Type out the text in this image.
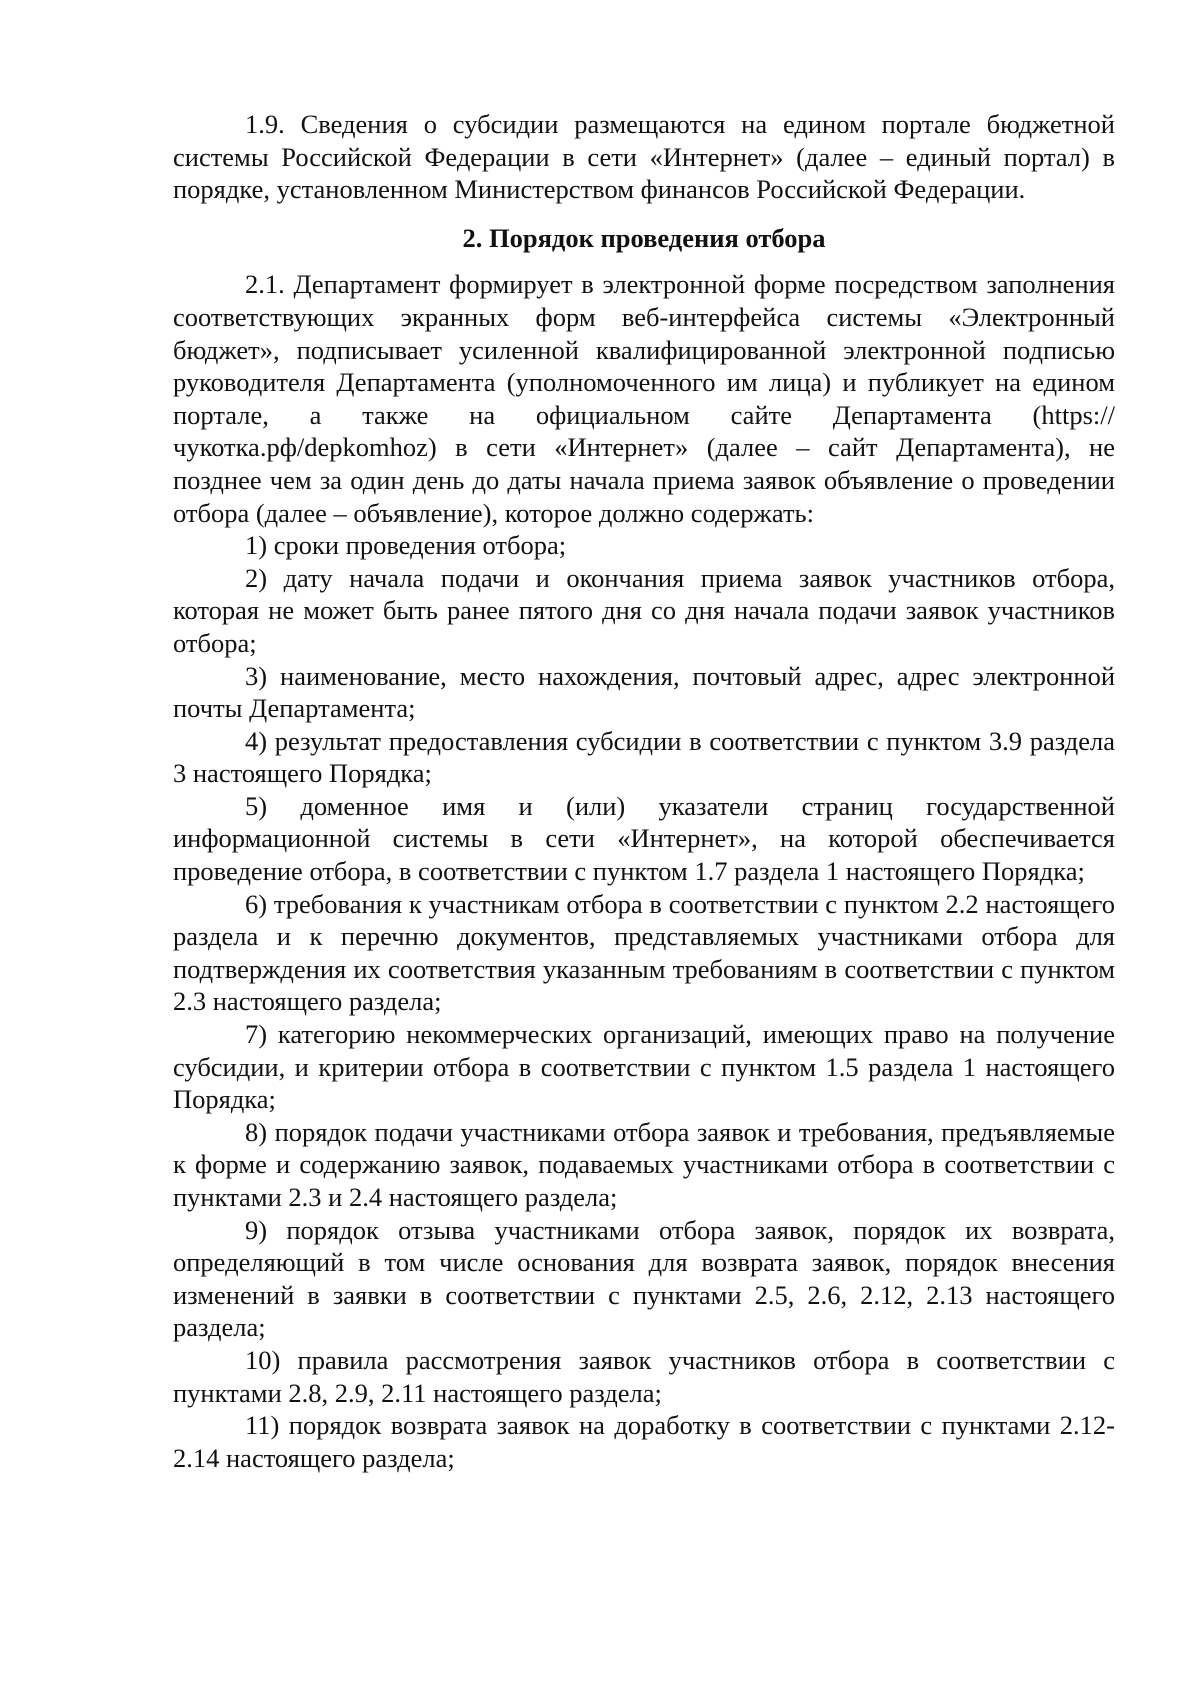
1.9. Сведения о субсидии размещаются на едином портале бюджетной системы Российской Федерации в сети «Интернет» (далее – единый портал) в порядке, установленном Министерством финансов Российской Федерации.

2. Порядок проведения отбора

2.1. Департамент формирует в электронной форме посредством заполнения соответствующих экранных форм веб-интерфейса системы «Электронный бюджет», подписывает усиленной квалифицированной электронной подписью руководителя Департамента (уполномоченного им лица) и публикует на едином портале, а также на официальном сайте Департамента (https://чукотка.рф/depkomhoz) в сети «Интернет» (далее – сайт Департамента), не позднее чем за один день до даты начала приема заявок объявление о проведении отбора (далее – объявление), которое должно содержать:

1) сроки проведения отбора;

2) дату начала подачи и окончания приема заявок участников отбора, которая не может быть ранее пятого дня со дня начала подачи заявок участников отбора;

3) наименование, место нахождения, почтовый адрес, адрес электронной почты Департамента;

4) результат предоставления субсидии в соответствии с пунктом 3.9 раздела 3 настоящего Порядка;

5) доменное имя и (или) указатели страниц государственной информационной системы в сети «Интернет», на которой обеспечивается проведение отбора, в соответствии с пунктом 1.7 раздела 1 настоящего Порядка;

6) требования к участникам отбора в соответствии с пунктом 2.2 настоящего раздела и к перечню документов, представляемых участниками отбора для подтверждения их соответствия указанным требованиям в соответствии с пунктом 2.3 настоящего раздела;

7) категорию некоммерческих организаций, имеющих право на получение субсидии, и критерии отбора в соответствии с пунктом 1.5 раздела 1 настоящего Порядка;

8) порядок подачи участниками отбора заявок и требования, предъявляемые к форме и содержанию заявок, подаваемых участниками отбора в соответствии с пунктами 2.3 и 2.4 настоящего раздела;

9) порядок отзыва участниками отбора заявок, порядок их возврата, определяющий в том числе основания для возврата заявок, порядок внесения изменений в заявки в соответствии с пунктами 2.5, 2.6, 2.12, 2.13 настоящего раздела;

10) правила рассмотрения заявок участников отбора в соответствии с пунктами 2.8, 2.9, 2.11 настоящего раздела;

11) порядок возврата заявок на доработку в соответствии с пунктами 2.12-2.14 настоящего раздела;
